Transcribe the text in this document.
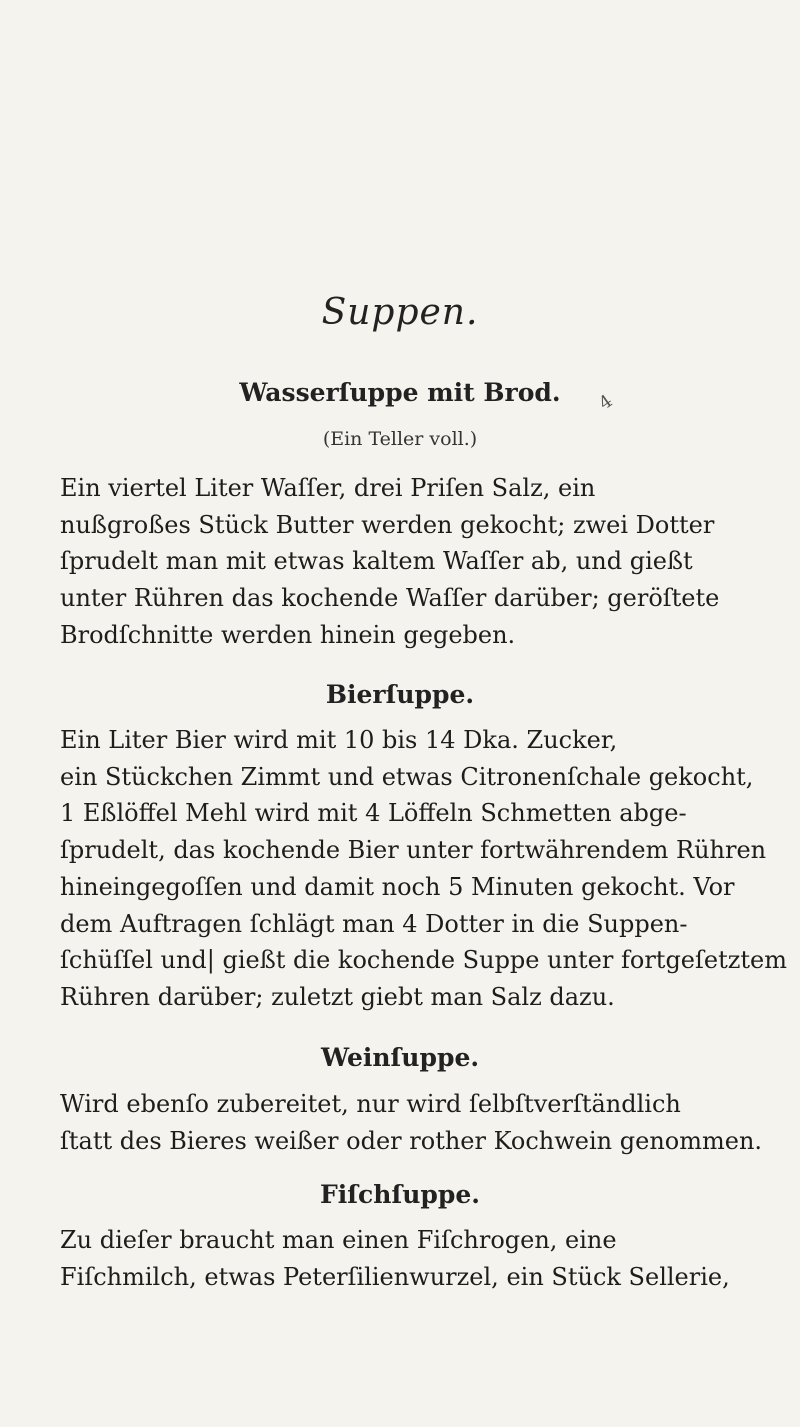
Suppen.
Wasserſuppe mit Brod.	4
(Ein Teller voll.)

Ein viertel Liter Waſſer, drei Priſen Salz, ein
nußgroßes Stück Butter werden gekocht; zwei Dotter
ſprudelt man mit etwas kaltem Waſſer ab, und gießt
unter Rühren das kochende Waſſer darüber; geröſtete
Brodſchnitte werden hinein gegeben.

Bierſuppe.

Ein Liter Bier wird mit 10 bis 14 Dka. Zucker,
ein Stückchen Zimmt und etwas Citronenſchale gekocht,
1 Eßlöffel Mehl wird mit 4 Löffeln Schmetten abge-
ſprudelt, das kochende Bier unter fortwährendem Rühren
hineingegoſſen und damit noch 5 Minuten gekocht. Vor
dem Auftragen ſchlägt man 4 Dotter in die Suppen-
ſchüſſel und| gießt die kochende Suppe unter fortgeſetztem
Rühren darüber; zuletzt giebt man Salz dazu.

Weinſuppe.

Wird ebenſo zubereitet, nur wird ſelbſtverſtändlich
ſtatt des Bieres weißer oder rother Kochwein genommen.

Fiſchſuppe.

Zu dieſer braucht man einen Fiſchrogen, eine
Fiſchmilch, etwas Peterſilienwurzel, ein Stück Sellerie,
